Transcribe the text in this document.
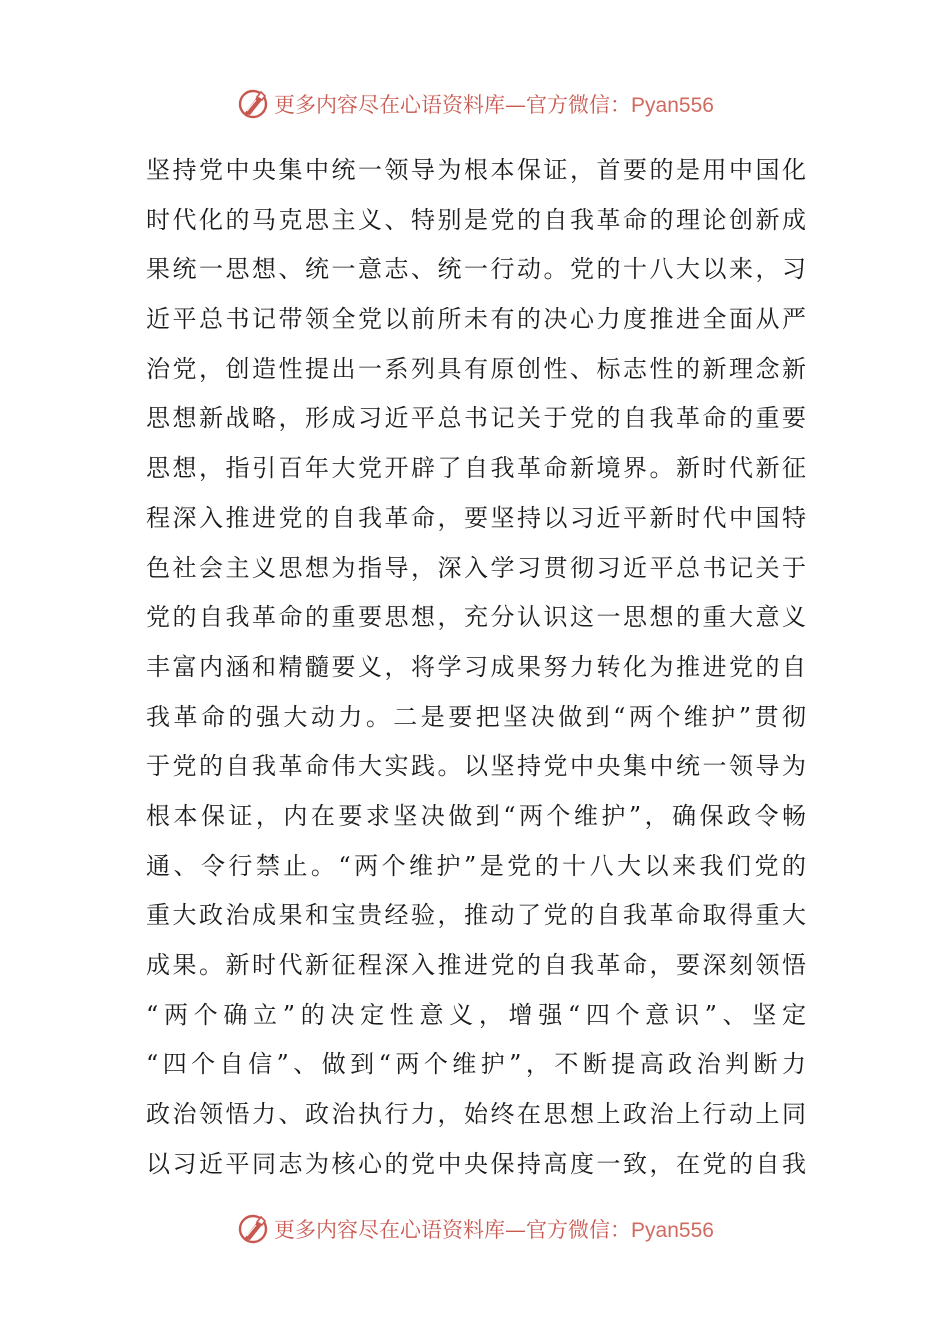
更多内容尽在心语资料库—官方微信：Pyan556
坚持党中央集中统一领导为根本保证，首要的是用中国化
时代化的马克思主义、特别是党的自我革命的理论创新成
果统一思想、统一意志、统一行动。党的十八大以来，习
近平总书记带领全党以前所未有的决心力度推进全面从严
治党，创造性提出一系列具有原创性、标志性的新理念新
思想新战略，形成习近平总书记关于党的自我革命的重要
思想，指引百年大党开辟了自我革命新境界。新时代新征
程深入推进党的自我革命，要坚持以习近平新时代中国特
色社会主义思想为指导，深入学习贯彻习近平总书记关于
党的自我革命的重要思想，充分认识这一思想的重大意义
丰富内涵和精髓要义，将学习成果努力转化为推进党的自
我革命的强大动力。二是要把坚决做到“两个维护”贯彻
于党的自我革命伟大实践。以坚持党中央集中统一领导为
根本保证，内在要求坚决做到“两个维护”，确保政令畅
通、令行禁止。“两个维护”是党的十八大以来我们党的
重大政治成果和宝贵经验，推动了党的自我革命取得重大
成果。新时代新征程深入推进党的自我革命，要深刻领悟
“两个确立”的决定性意义，增强“四个意识”、坚定
“四个自信”、做到“两个维护”，不断提高政治判断力
政治领悟力、政治执行力，始终在思想上政治上行动上同
以习近平同志为核心的党中央保持高度一致，在党的自我
更多内容尽在心语资料库—官方微信：Pyan556
